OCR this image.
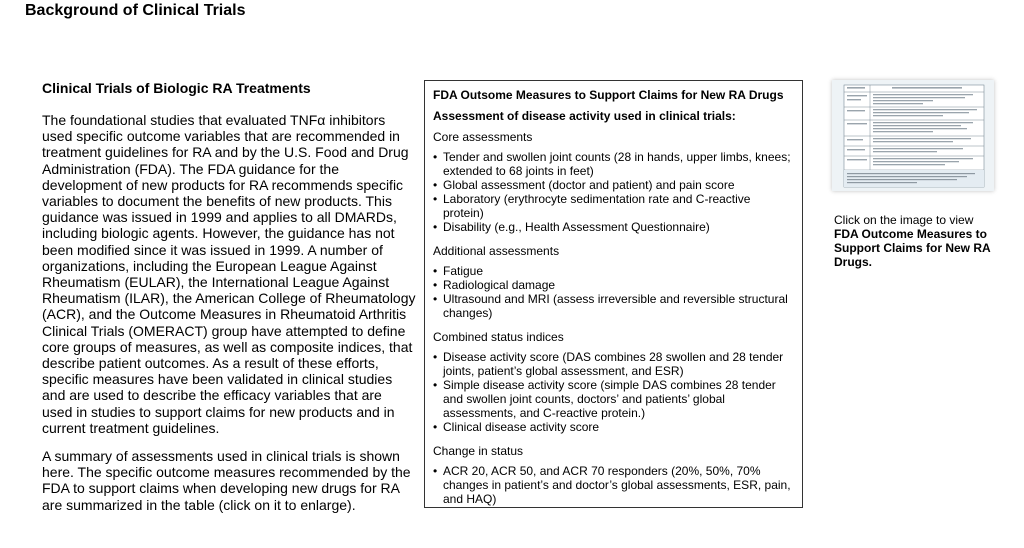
Background of Clinical Trials
Clinical Trials of Biologic RA Treatments

The foundational studies that evaluated TNFα inhibitors used specific outcome variables that are recommended in treatment guidelines for RA and by the U.S. Food and Drug Administration (FDA). The FDA guidance for the development of new products for RA recommends specific variables to document the benefits of new products. This guidance was issued in 1999 and applies to all DMARDs, including biologic agents. However, the guidance has not been modified since it was issued in 1999. A number of organizations, including the European League Against Rheumatism (EULAR), the International League Against Rheumatism (ILAR), the American College of Rheumatology (ACR), and the Outcome Measures in Rheumatoid Arthritis Clinical Trials (OMERACT) group have attempted to define core groups of measures, as well as composite indices, that describe patient outcomes. As a result of these efforts, specific measures have been validated in clinical studies and are used to describe the efficacy variables that are used in studies to support claims for new products and in current treatment guidelines.

A summary of assessments used in clinical trials is shown here. The specific outcome measures recommended by the FDA to support claims when developing new drugs for RA are summarized in the table (click on it to enlarge).

FDA Outsome Measures to Support Claims for New RA Drugs
Assessment of disease activity used in clinical trials:
Core assessments
• Tender and swollen joint counts (28 in hands, upper limbs, knees; extended to 68 joints in feet)
• Global assessment (doctor and patient) and pain score
• Laboratory (erythrocyte sedimentation rate and C-reactive protein)
• Disability (e.g., Health Assessment Questionnaire)
Additional assessments
• Fatigue
• Radiological damage
• Ultrasound and MRI (assess irreversible and reversible structural changes)
Combined status indices
• Disease activity score (DAS combines 28 swollen and 28 tender joints, patient’s global assessment, and ESR)
• Simple disease activity score (simple DAS combines 28 tender and swollen joint counts, doctors’ and patients’ global assessments, and C-reactive protein.)
• Clinical disease activity score
Change in status
• ACR 20, ACR 50, and ACR 70 responders (20%, 50%, 70% changes in patient’s and doctor’s global assessments, ESR, pain, and HAQ)
Click on the image to view FDA Outcome Measures to Support Claims for New RA Drugs.
